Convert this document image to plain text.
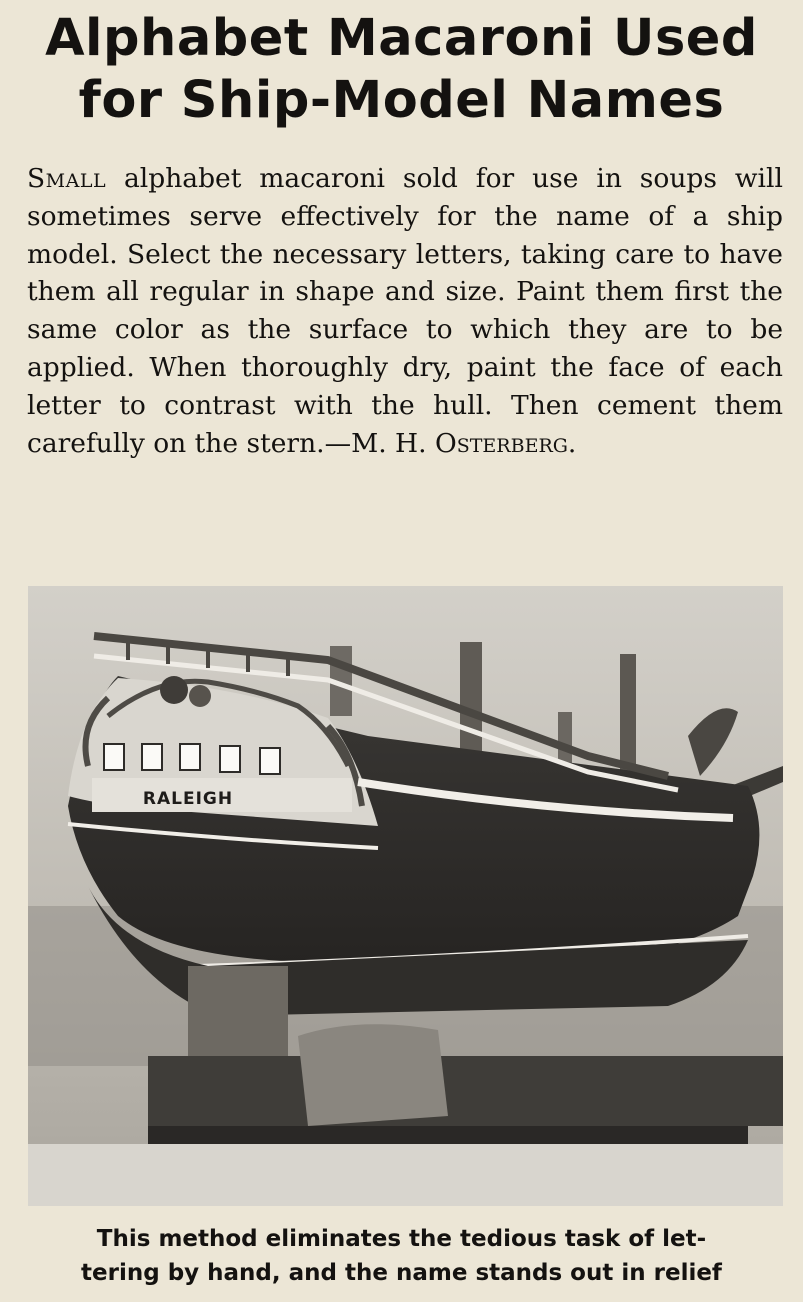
Alphabet Macaroni Used
for Ship-Model Names

Small alphabet macaroni sold for use in soups will sometimes serve effectively for the name of a ship model. Select the necessary letters, taking care to have them all regular in shape and size. Paint them first the same color as the surface to which they are to be applied. When thoroughly dry, paint the face of each letter to contrast with the hull. Then cement them carefully on the stern.—M. H. Osterberg.

RALEIGH

This method eliminates the tedious task of let-
tering by hand, and the name stands out in relief
